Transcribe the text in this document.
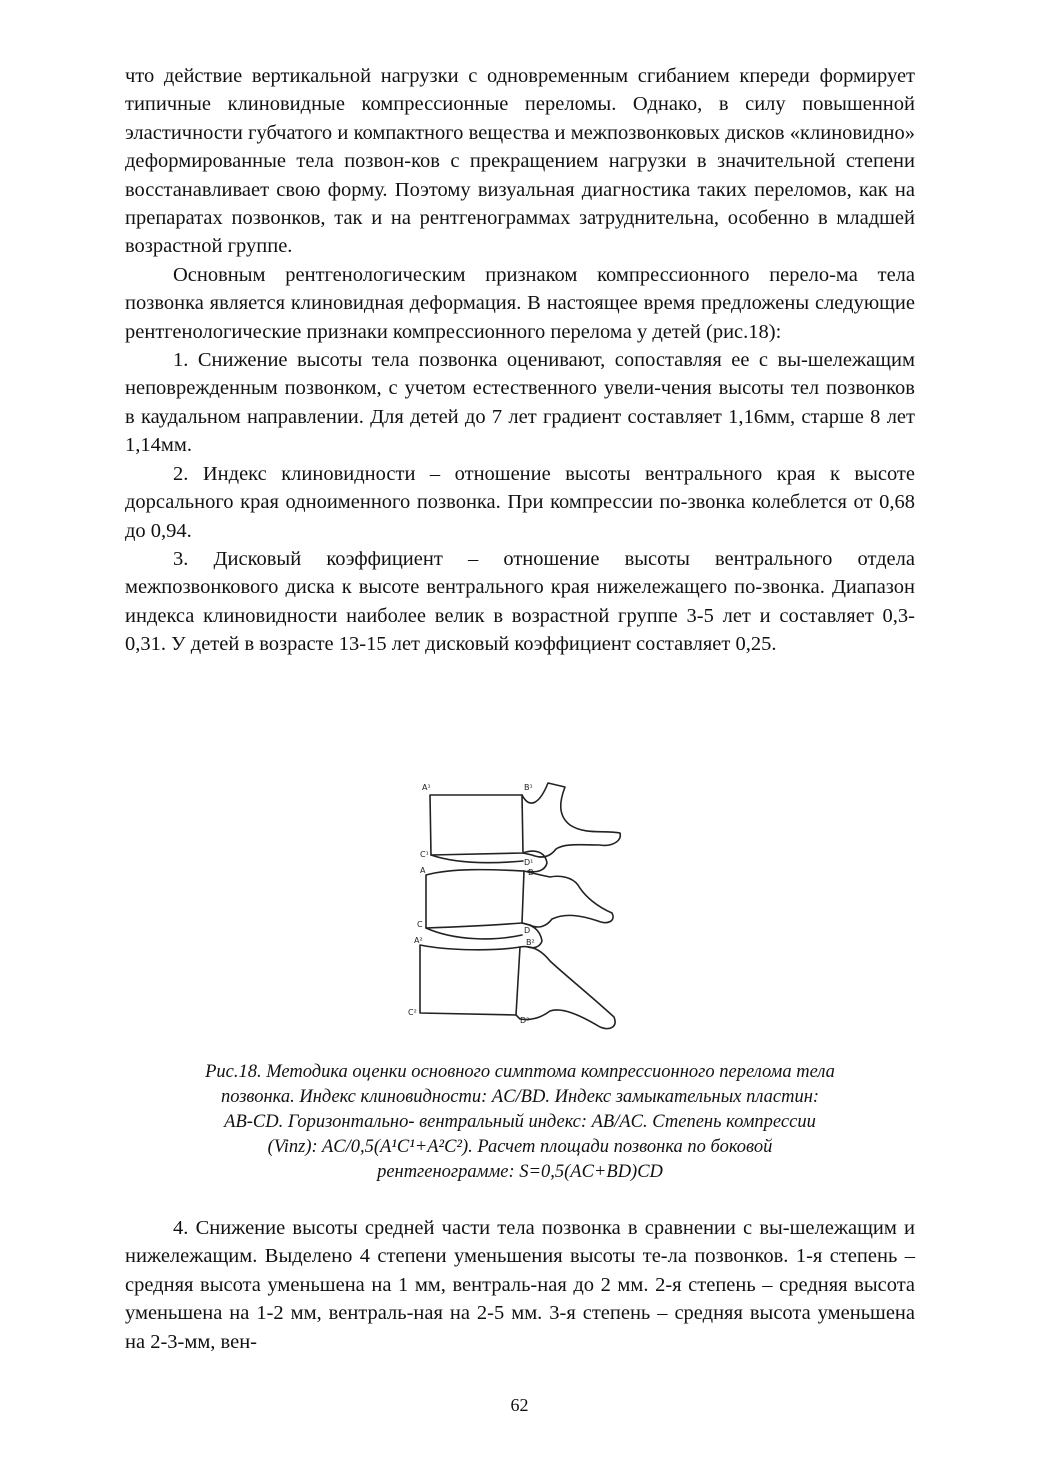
что действие вертикальной нагрузки с одновременным сгибанием кпереди формирует типичные клиновидные компрессионные переломы. Однако, в силу повышенной эластичности губчатого и компактного вещества и межпозвонковых дисков «клиновидно» деформированные тела позвон-ков с прекращением нагрузки в значительной степени восстанавливает свою форму. Поэтому визуальная диагностика таких переломов, как на препаратах позвонков, так и на рентгенограммах затруднительна, особенно в младшей возрастной группе.

Основным рентгенологическим признаком компрессионного перело-ма тела позвонка является клиновидная деформация. В настоящее время предложены следующие рентгенологические признаки компрессионного перелома у детей (рис.18):

1. Снижение высоты тела позвонка оценивают, сопоставляя ее с вы-шележащим неповрежденным позвонком, с учетом естественного увели-чения высоты тел позвонков в каудальном направлении. Для детей до 7 лет градиент составляет 1,16мм, старше 8 лет 1,14мм.

2. Индекс клиновидности – отношение высоты вентрального края к высоте дорсального края одноименного позвонка. При компрессии по-звонка колеблется от 0,68 до 0,94.

3. Дисковый коэффициент – отношение высоты вентрального отдела межпозвонкового диска к высоте вентрального края нижележащего по-звонка. Диапазон индекса клиновидности наиболее велик в возрастной группе 3-5 лет и составляет 0,3-0,31. У детей в возрасте 13-15 лет дисковый коэффициент составляет 0,25.

A¹	B¹
C¹
D¹
A	B
C
D
A²	B²
C²
D²
Рис.18. Методика оценки основного симптома компрессионного перелома тела
позвонка. Индекс клиновидности: AC/BD. Индекс замыкательных пластин:
AB-CD. Горизонтально- вентральный индекс: AB/AC. Степень компрессии
(Vinz): AC/0,5(A¹C¹+A²C²). Расчет площади позвонка по боковой
рентгенограмме: S=0,5(AC+BD)CD

4. Снижение высоты средней части тела позвонка в сравнении с вы-шележащим и нижележащим. Выделено 4 степени уменьшения высоты те-ла позвонков. 1-я степень – средняя высота уменьшена на 1 мм, вентраль-ная до 2 мм. 2-я степень – средняя высота уменьшена на 1-2 мм, вентраль-ная на 2-5 мм. 3-я степень – средняя высота уменьшена на 2-3-мм, вен-

62
